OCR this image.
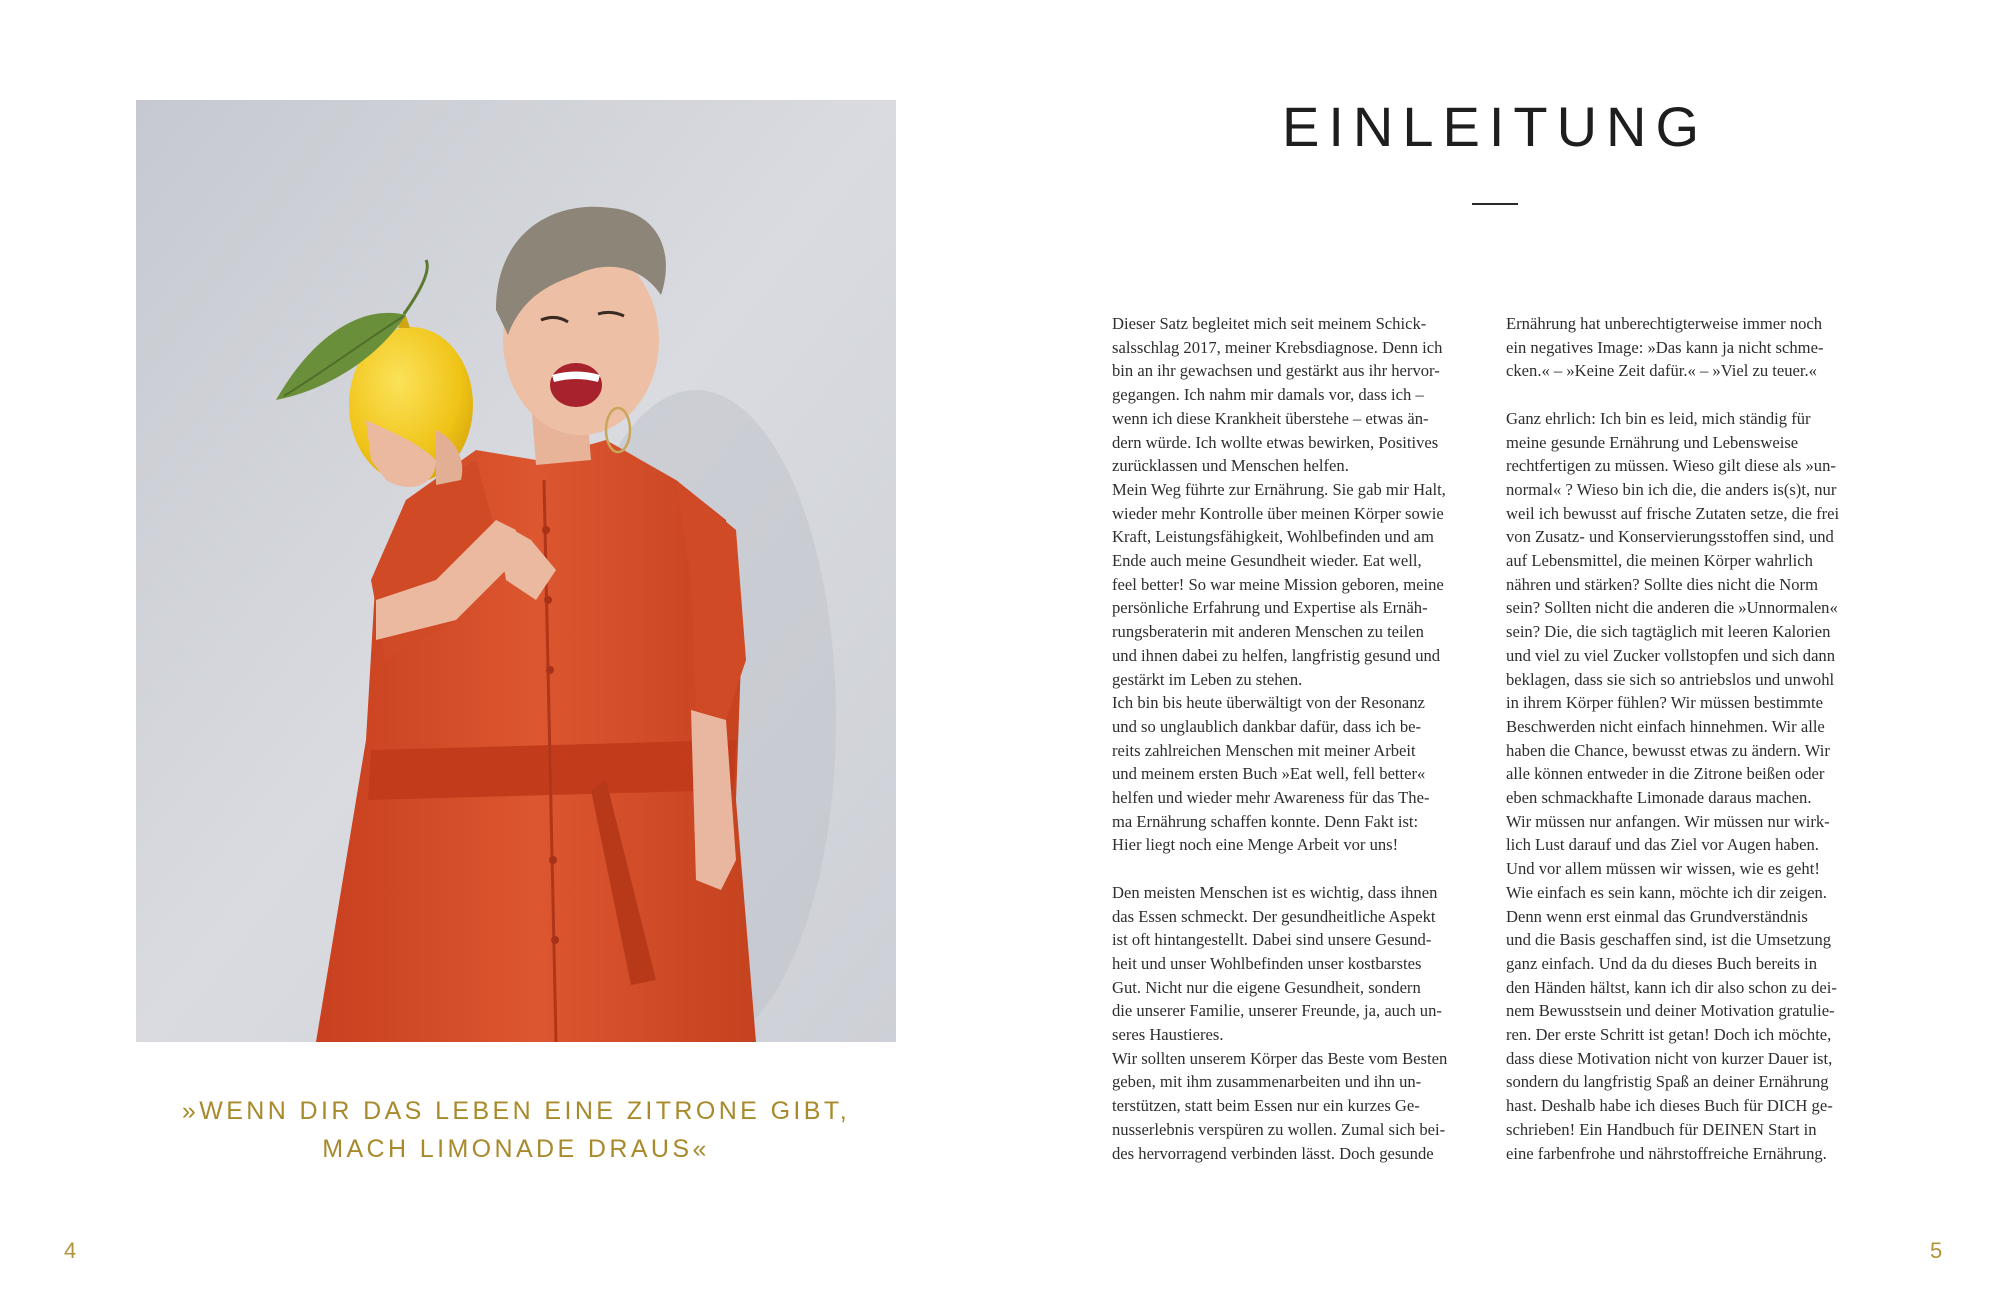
»WENN DIR DAS LEBEN EINE ZITRONE GIBT,
MACH LIMONADE DRAUS«
4
EINLEITUNG

Dieser Satz begleitet mich seit meinem Schick-
salsschlag 2017, meiner Krebsdiagnose. Denn ich
bin an ihr gewachsen und gestärkt aus ihr hervor-
gegangen. Ich nahm mir damals vor, dass ich –
wenn ich diese Krankheit überstehe – etwas än-
dern würde. Ich wollte etwas bewirken, Positives
zurücklassen und Menschen helfen.

Mein Weg führte zur Ernährung. Sie gab mir Halt,
wieder mehr Kontrolle über meinen Körper sowie
Kraft, Leistungsfähigkeit, Wohlbefinden und am
Ende auch meine Gesundheit wieder. Eat well,
feel better! So war meine Mission geboren, meine
persönliche Erfahrung und Expertise als Ernäh-
rungsberaterin mit anderen Menschen zu teilen
und ihnen dabei zu helfen, langfristig gesund und
gestärkt im Leben zu stehen.

Ich bin bis heute überwältigt von der Resonanz
und so unglaublich dankbar dafür, dass ich be-
reits zahlreichen Menschen mit meiner Arbeit
und meinem ersten Buch »Eat well, fell better«
helfen und wieder mehr Awareness für das The-
ma Ernährung schaffen konnte. Denn Fakt ist:
Hier liegt noch eine Menge Arbeit vor uns!

Den meisten Menschen ist es wichtig, dass ihnen
das Essen schmeckt. Der gesundheitliche Aspekt
ist oft hintangestellt. Dabei sind unsere Gesund-
heit und unser Wohlbefinden unser kostbarstes
Gut. Nicht nur die eigene Gesundheit, sondern
die unserer Familie, unserer Freunde, ja, auch un-
seres Haustieres.

Wir sollten unserem Körper das Beste vom Besten
geben, mit ihm zusammenarbeiten und ihn un-
terstützen, statt beim Essen nur ein kurzes Ge-
nusserlebnis verspüren zu wollen. Zumal sich bei-
des hervorragend verbinden lässt. Doch gesunde

Ernährung hat unberechtigterweise immer noch
ein negatives Image: »Das kann ja nicht schme-
cken.« – »Keine Zeit dafür.« – »Viel zu teuer.«

Ganz ehrlich: Ich bin es leid, mich ständig für
meine gesunde Ernährung und Lebensweise
rechtfertigen zu müssen. Wieso gilt diese als »un-
normal« ? Wieso bin ich die, die anders is(s)t, nur
weil ich bewusst auf frische Zutaten setze, die frei
von Zusatz- und Konservierungsstoffen sind, und
auf Lebensmittel, die meinen Körper wahrlich
nähren und stärken? Sollte dies nicht die Norm
sein? Sollten nicht die anderen die »Unnormalen«
sein? Die, die sich tagtäglich mit leeren Kalorien
und viel zu viel Zucker vollstopfen und sich dann
beklagen, dass sie sich so antriebslos und unwohl
in ihrem Körper fühlen? Wir müssen bestimmte
Beschwerden nicht einfach hinnehmen. Wir alle
haben die Chance, bewusst etwas zu ändern. Wir
alle können entweder in die Zitrone beißen oder
eben schmackhafte Limonade daraus machen.
Wir müssen nur anfangen. Wir müssen nur wirk-
lich Lust darauf und das Ziel vor Augen haben.
Und vor allem müssen wir wissen, wie es geht!
Wie einfach es sein kann, möchte ich dir zeigen.
Denn wenn erst einmal das Grundverständnis
und die Basis geschaffen sind, ist die Umsetzung
ganz einfach. Und da du dieses Buch bereits in
den Händen hältst, kann ich dir also schon zu dei-
nem Bewusstsein und deiner Motivation gratulie-
ren. Der erste Schritt ist getan! Doch ich möchte,
dass diese Motivation nicht von kurzer Dauer ist,
sondern du langfristig Spaß an deiner Ernährung
hast. Deshalb habe ich dieses Buch für DICH ge-
schrieben! Ein Handbuch für DEINEN Start in
eine farbenfrohe und nährstoffreiche Ernährung.

5
